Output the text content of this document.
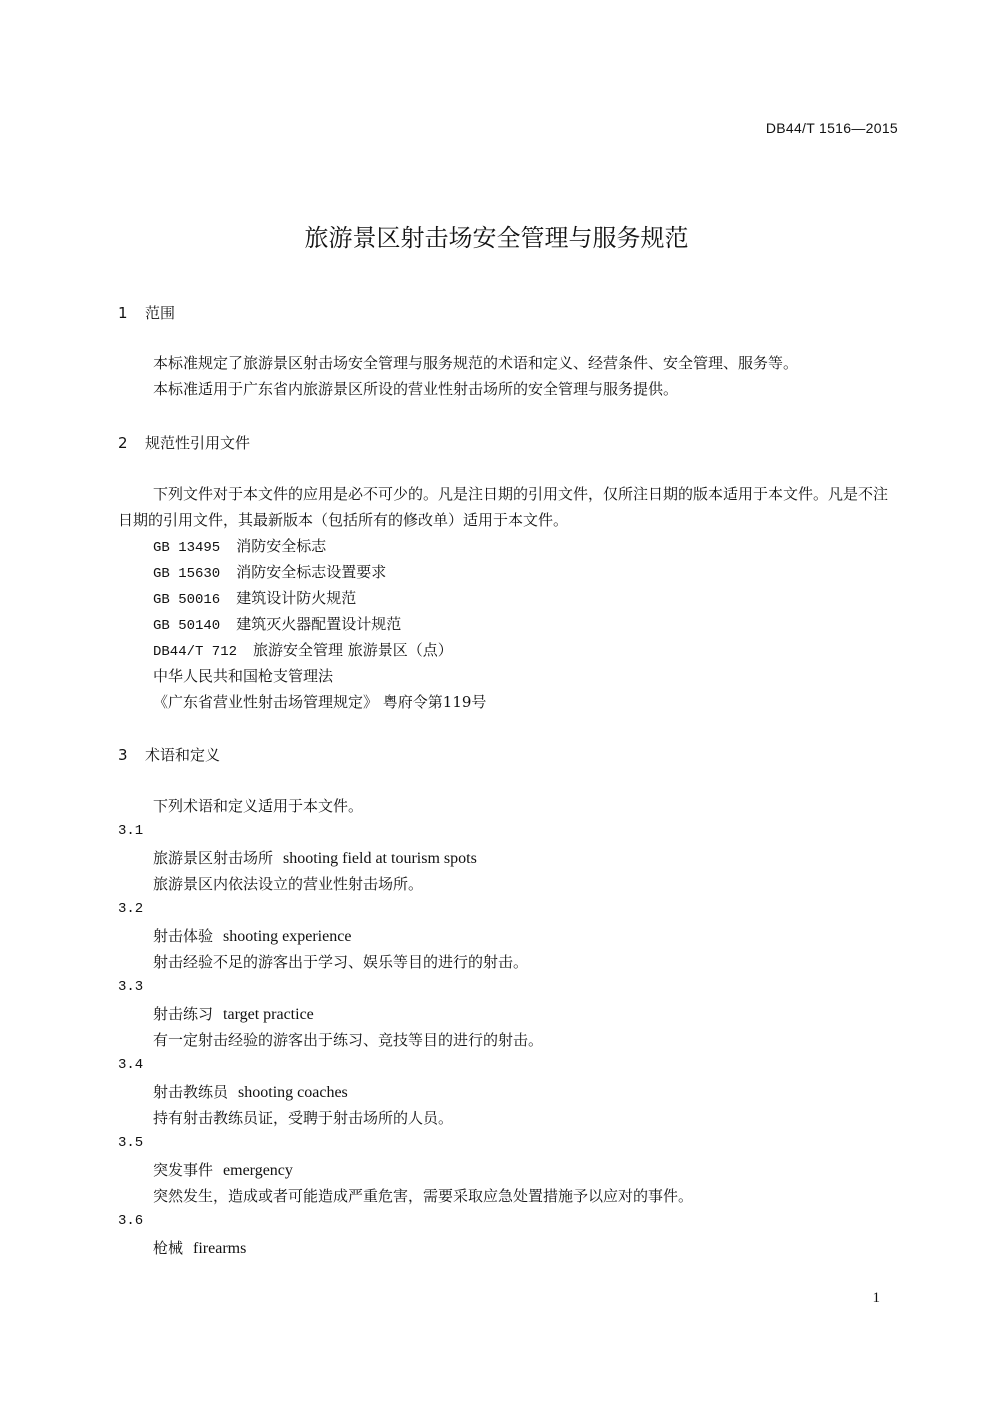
DB44/T 1516—2015
旅游景区射击场安全管理与服务规范
1 范围
本标准规定了旅游景区射击场安全管理与服务规范的术语和定义、经营条件、安全管理、服务等。
本标准适用于广东省内旅游景区所设的营业性射击场所的安全管理与服务提供。
2 规范性引用文件
下列文件对于本文件的应用是必不可少的。凡是注日期的引用文件，仅所注日期的版本适用于本文件。凡是不注日期的引用文件，其最新版本（包括所有的修改单）适用于本文件。
GB 13495 消防安全标志
GB 15630 消防安全标志设置要求
GB 50016 建筑设计防火规范
GB 50140 建筑灭火器配置设计规范
DB44/T 712 旅游安全管理 旅游景区（点）
中华人民共和国枪支管理法
《广东省营业性射击场管理规定》 粤府令第119号
3 术语和定义
下列术语和定义适用于本文件。
3.1
旅游景区射击场所 shooting field at tourism spots
旅游景区内依法设立的营业性射击场所。
3.2
射击体验 shooting experience
射击经验不足的游客出于学习、娱乐等目的进行的射击。
3.3
射击练习 target practice
有一定射击经验的游客出于练习、竞技等目的进行的射击。
3.4
射击教练员 shooting coaches
持有射击教练员证，受聘于射击场所的人员。
3.5
突发事件 emergency
突然发生，造成或者可能造成严重危害，需要采取应急处置措施予以应对的事件。
3.6
枪械 firearms
1
